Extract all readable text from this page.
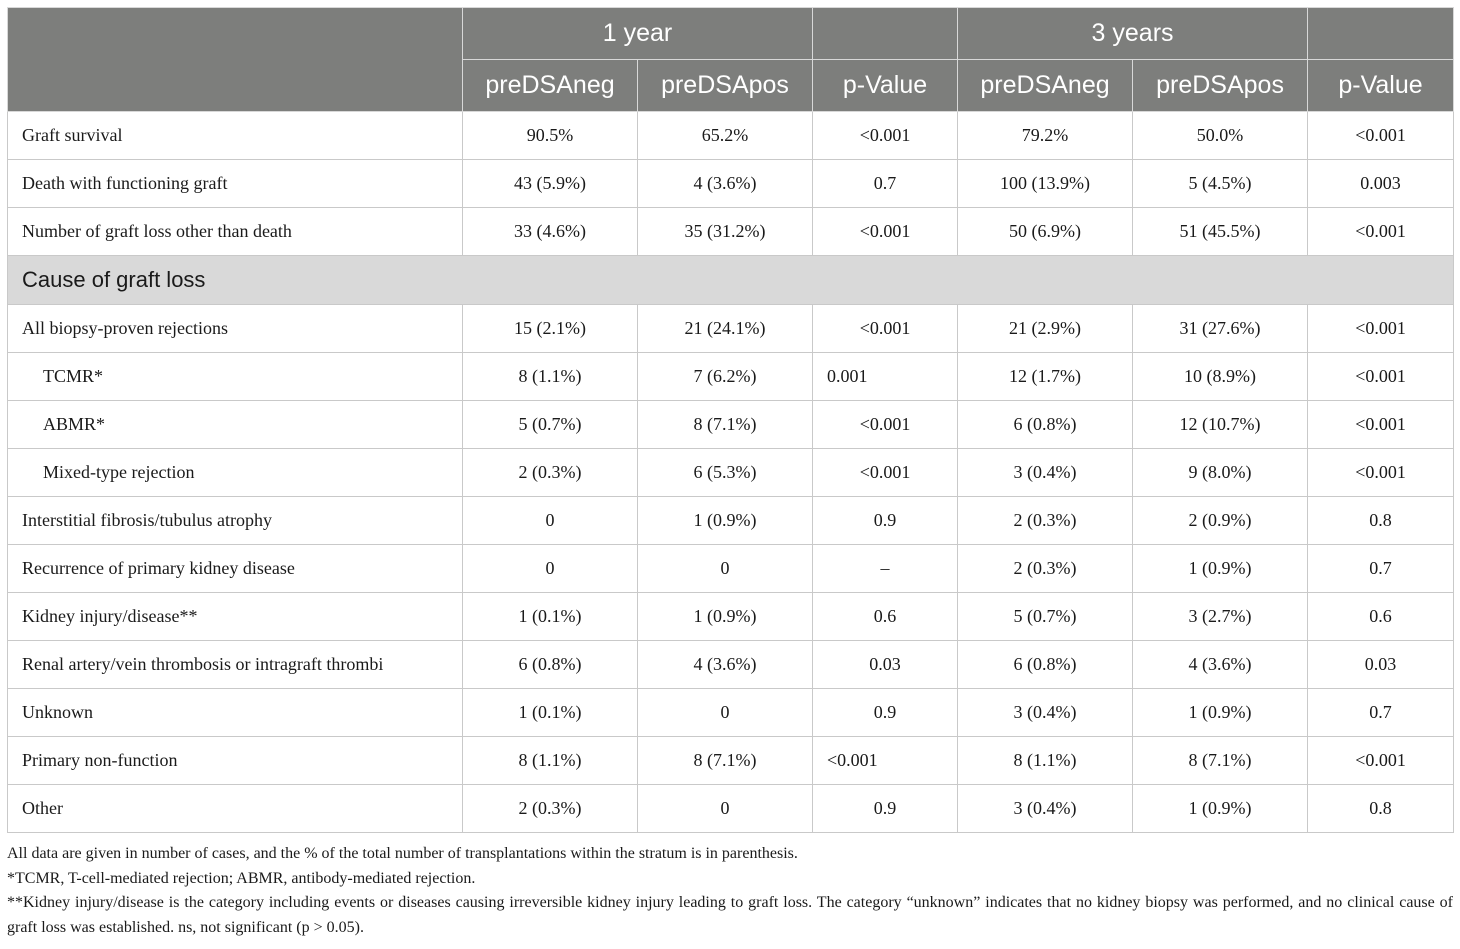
	1 year			3 years		
	preDSAneg	preDSApos	p-Value	preDSAneg	preDSApos	p-Value
Graft survival	90.5%	65.2%	<0.001	79.2%	50.0%	<0.001
Death with functioning graft	43 (5.9%)	4 (3.6%)	0.7	100 (13.9%)	5 (4.5%)	0.003
Number of graft loss other than death	33 (4.6%)	35 (31.2%)	<0.001	50 (6.9%)	51 (45.5%)	<0.001
Cause of graft loss						
All biopsy-proven rejections	15 (2.1%)	21 (24.1%)	<0.001	21 (2.9%)	31 (27.6%)	<0.001
TCMR*	8 (1.1%)	7 (6.2%)	0.001	12 (1.7%)	10 (8.9%)	<0.001
ABMR*	5 (0.7%)	8 (7.1%)	<0.001	6 (0.8%)	12 (10.7%)	<0.001
Mixed-type rejection	2 (0.3%)	6 (5.3%)	<0.001	3 (0.4%)	9 (8.0%)	<0.001
Interstitial fibrosis/tubulus atrophy	0	1 (0.9%)	0.9	2 (0.3%)	2 (0.9%)	0.8
Recurrence of primary kidney disease	0	0	–	2 (0.3%)	1 (0.9%)	0.7
Kidney injury/disease**	1 (0.1%)	1 (0.9%)	0.6	5 (0.7%)	3 (2.7%)	0.6
Renal artery/vein thrombosis or intragraft thrombi	6 (0.8%)	4 (3.6%)	0.03	6 (0.8%)	4 (3.6%)	0.03
Unknown	1 (0.1%)	0	0.9	3 (0.4%)	1 (0.9%)	0.7
Primary non-function	8 (1.1%)	8 (7.1%)	<0.001	8 (1.1%)	8 (7.1%)	<0.001
Other	2 (0.3%)	0	0.9	3 (0.4%)	1 (0.9%)	0.8

All data are given in number of cases, and the % of the total number of transplantations within the stratum is in parenthesis.

*TCMR, T-cell-mediated rejection; ABMR, antibody-mediated rejection.

**Kidney injury/disease is the category including events or diseases causing irreversible kidney injury leading to graft loss. The category “unknown” indicates that no kidney biopsy was performed, and no clinical cause of graft loss was established. ns, not significant (p > 0.05).
